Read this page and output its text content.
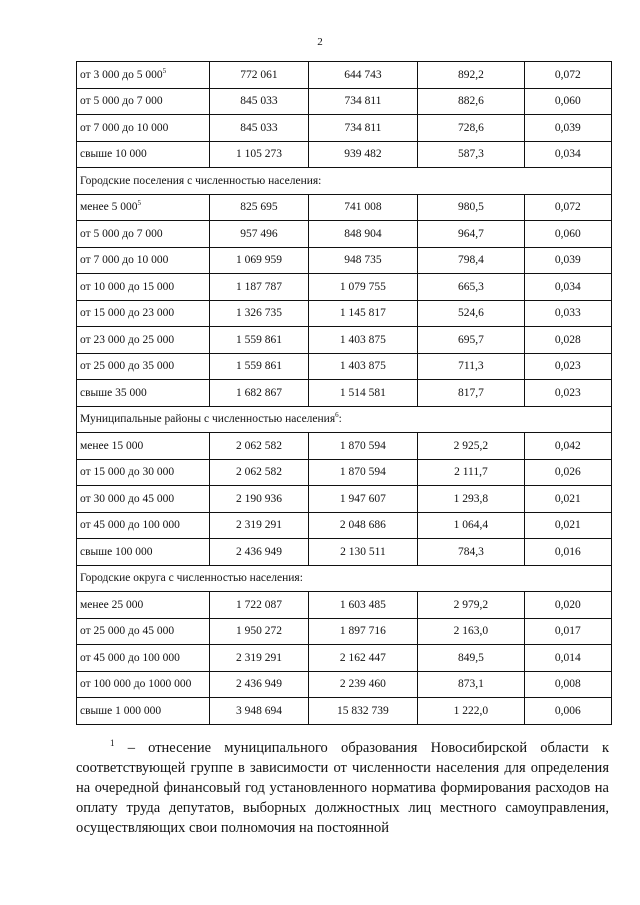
2
от 3 000 до 5 $000^5$	772 061	644 743	892,2	0,072
от 5 000 до 7 000	845 033	734 811	882,6	0,060
от 7 000 до 10 000	845 033	734 811	728,6	0,039
свыше 10 000	1 105 273	939 482	587,3	0,034
Городские поселения с численностью населения:				
менее 5 $000^5$	825 695	741 008	980,5	0,072
от 5 000 до 7 000	957 496	848 904	964,7	0,060
от 7 000 до 10 000	1 069 959	948 735	798,4	0,039
от 10 000 до 15 000	1 187 787	1 079 755	665,3	0,034
от 15 000 до 23 000	1 326 735	1 145 817	524,6	0,033
от 23 000 до 25 000	1 559 861	1 403 875	695,7	0,028
от 25 000 до 35 000	1 559 861	1 403 875	711,3	0,023
свыше 35 000	1 682 867	1 514 581	817,7	0,023
Муниципальные районы с численностью населения$^6$:				
менее 15 000	2 062 582	1 870 594	2 925,2	0,042
от 15 000 до 30 000	2 062 582	1 870 594	2 111,7	0,026
от 30 000 до 45 000	2 190 936	1 947 607	1 293,8	0,021
от 45 000 до 100 000	2 319 291	2 048 686	1 064,4	0,021
свыше 100 000	2 436 949	2 130 511	784,3	0,016
Городские округа с численностью населения:				
менее 25 000	1 722 087	1 603 485	2 979,2	0,020
от 25 000 до 45 000	1 950 272	1 897 716	2 163,0	0,017
от 45 000 до 100 000	2 319 291	2 162 447	849,5	0,014
от 100 000 до 1000 000	2 436 949	2 239 460	873,1	0,008
свыше 1 000 000	3 948 694	15 832 739	1 222,0	0,006
$^1$ – отнесение муниципального образования Новосибирской области к соответствующей группе в зависимости от численности населения для определения на очередной финансовый год установленного норматива формирования расходов на оплату труда депутатов, выборных должностных лиц местного самоуправления, осуществляющих свои полномочия на постоянной
